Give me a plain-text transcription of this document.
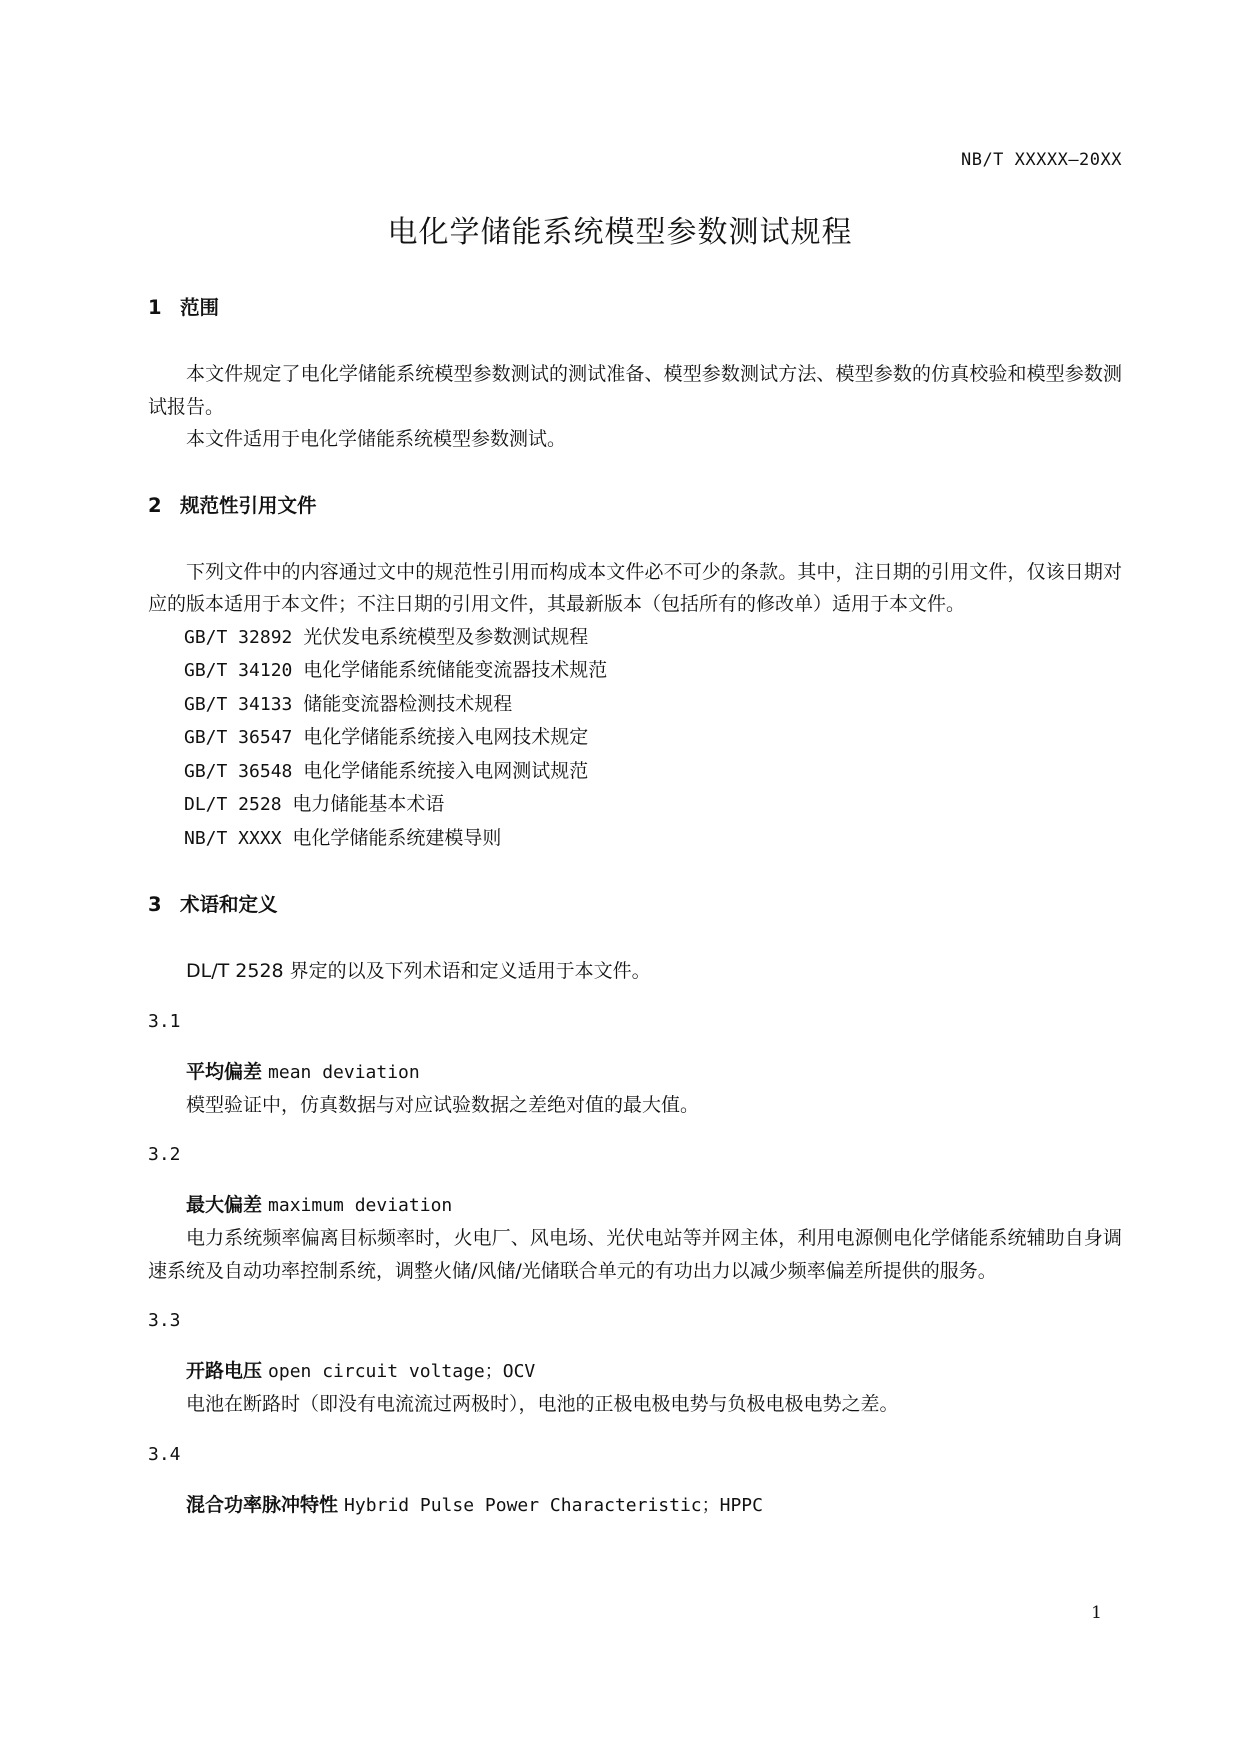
NB/T XXXXX—20XX
电化学储能系统模型参数测试规程
1 范围

本文件规定了电化学储能系统模型参数测试的测试准备、模型参数测试方法、模型参数的仿真校验和模型参数测试报告。

本文件适用于电化学储能系统模型参数测试。

2 规范性引用文件

下列文件中的内容通过文中的规范性引用而构成本文件必不可少的条款。其中，注日期的引用文件，仅该日期对应的版本适用于本文件；不注日期的引用文件，其最新版本（包括所有的修改单）适用于本文件。

GB/T 32892 光伏发电系统模型及参数测试规程

GB/T 34120 电化学储能系统储能变流器技术规范

GB/T 34133 储能变流器检测技术规程

GB/T 36547 电化学储能系统接入电网技术规定

GB/T 36548 电化学储能系统接入电网测试规范

DL/T 2528 电力储能基本术语

NB/T XXXX 电化学储能系统建模导则

3 术语和定义

DL/T 2528 界定的以及下列术语和定义适用于本文件。

3.1

平均偏差 mean deviation

模型验证中，仿真数据与对应试验数据之差绝对值的最大值。

3.2

最大偏差 maximum deviation

电力系统频率偏离目标频率时，火电厂、风电场、光伏电站等并网主体，利用电源侧电化学储能系统辅助自身调速系统及自动功率控制系统，调整火储/风储/光储联合单元的有功出力以减少频率偏差所提供的服务。

3.3

开路电压 open circuit voltage；OCV

电池在断路时（即没有电流流过两极时），电池的正极电极电势与负极电极电势之差。

3.4

混合功率脉冲特性 Hybrid Pulse Power Characteristic；HPPC

1
